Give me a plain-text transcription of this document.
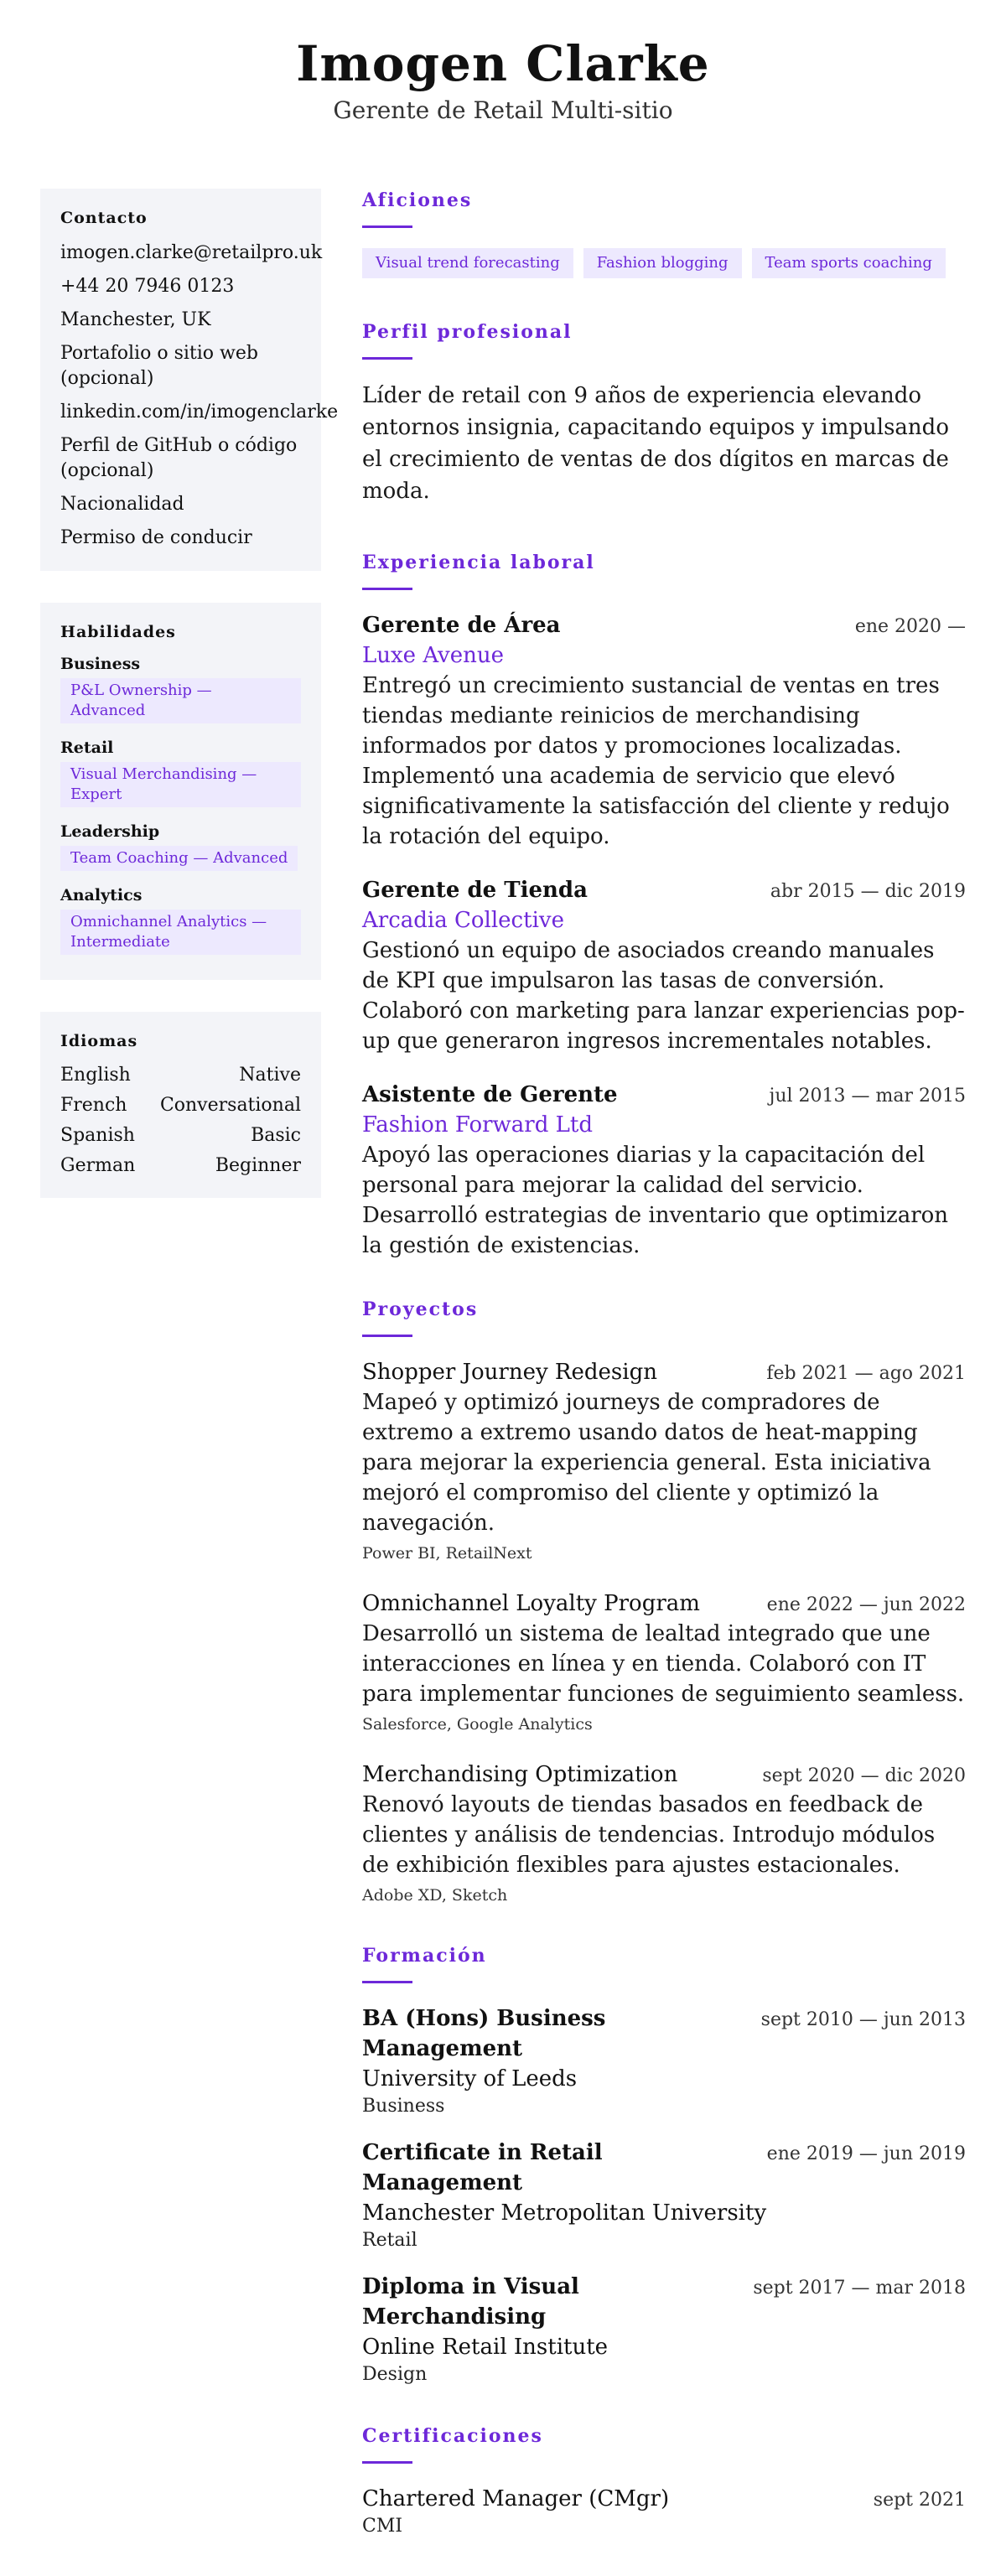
Imogen Clarke
Gerente de Retail Multi-sitio
Contacto
imogen.clarke@retailpro.uk
+44 20 7946 0123
Manchester, UK
Portafolio o sitio web (opcional)
linkedin.com/in/imogenclarke
Perfil de GitHub o código (opcional)
Nacionalidad
Permiso de conducir
Habilidades
Business
P&L Ownership — Advanced
Retail
Visual Merchandising — Expert
Leadership
Team Coaching — Advanced
Analytics
Omnichannel Analytics — Intermediate
Idiomas
English	Native
French Conversational
Spanish	Basic
German	Beginner
Aficiones
Visual trend forecasting	Fashion blogging	Team sports coaching
Perfil profesional
Líder de retail con 9 años de experiencia elevando entornos insignia, capacitando equipos y impulsando el crecimiento de ventas de dos dígitos en marcas de moda.
Experiencia laboral
Gerente de Área	ene 2020 —
Luxe Avenue
Entregó un crecimiento sustancial de ventas en tres tiendas mediante reinicios de merchandising informados por datos y promociones localizadas. Implementó una academia de servicio que elevó significativamente la satisfacción del cliente y redujo la rotación del equipo.
Gerente de Tienda	abr 2015 — dic 2019
Arcadia Collective
Gestionó un equipo de asociados creando manuales de KPI que impulsaron las tasas de conversión. Colaboró con marketing para lanzar experiencias pop-up que generaron ingresos incrementales notables.
Asistente de Gerente	jul 2013 — mar 2015
Fashion Forward Ltd
Apoyó las operaciones diarias y la capacitación del personal para mejorar la calidad del servicio. Desarrolló estrategias de inventario que optimizaron la gestión de existencias.
Proyectos
Shopper Journey Redesign	feb 2021 — ago 2021
Mapeó y optimizó journeys de compradores de extremo a extremo usando datos de heat-mapping para mejorar la experiencia general. Esta iniciativa mejoró el compromiso del cliente y optimizó la navegación.
Power BI, RetailNext
Omnichannel Loyalty Program	ene 2022 — jun 2022
Desarrolló un sistema de lealtad integrado que une interacciones en línea y en tienda. Colaboró con IT para implementar funciones de seguimiento seamless.
Salesforce, Google Analytics
Merchandising Optimization	sept 2020 — dic 2020
Renovó layouts de tiendas basados en feedback de clientes y análisis de tendencias. Introdujo módulos de exhibición flexibles para ajustes estacionales.
Adobe XD, Sketch
Formación
BA (Hons) Business Management
sept 2010 — jun 2013
University of Leeds
Business
Certificate in Retail Management
ene 2019 — jun 2019
Manchester Metropolitan University
Retail
Diploma in Visual Merchandising
sept 2017 — mar 2018
Online Retail Institute
Design
Certificaciones
Chartered Manager (CMgr)	sept 2021
CMI
